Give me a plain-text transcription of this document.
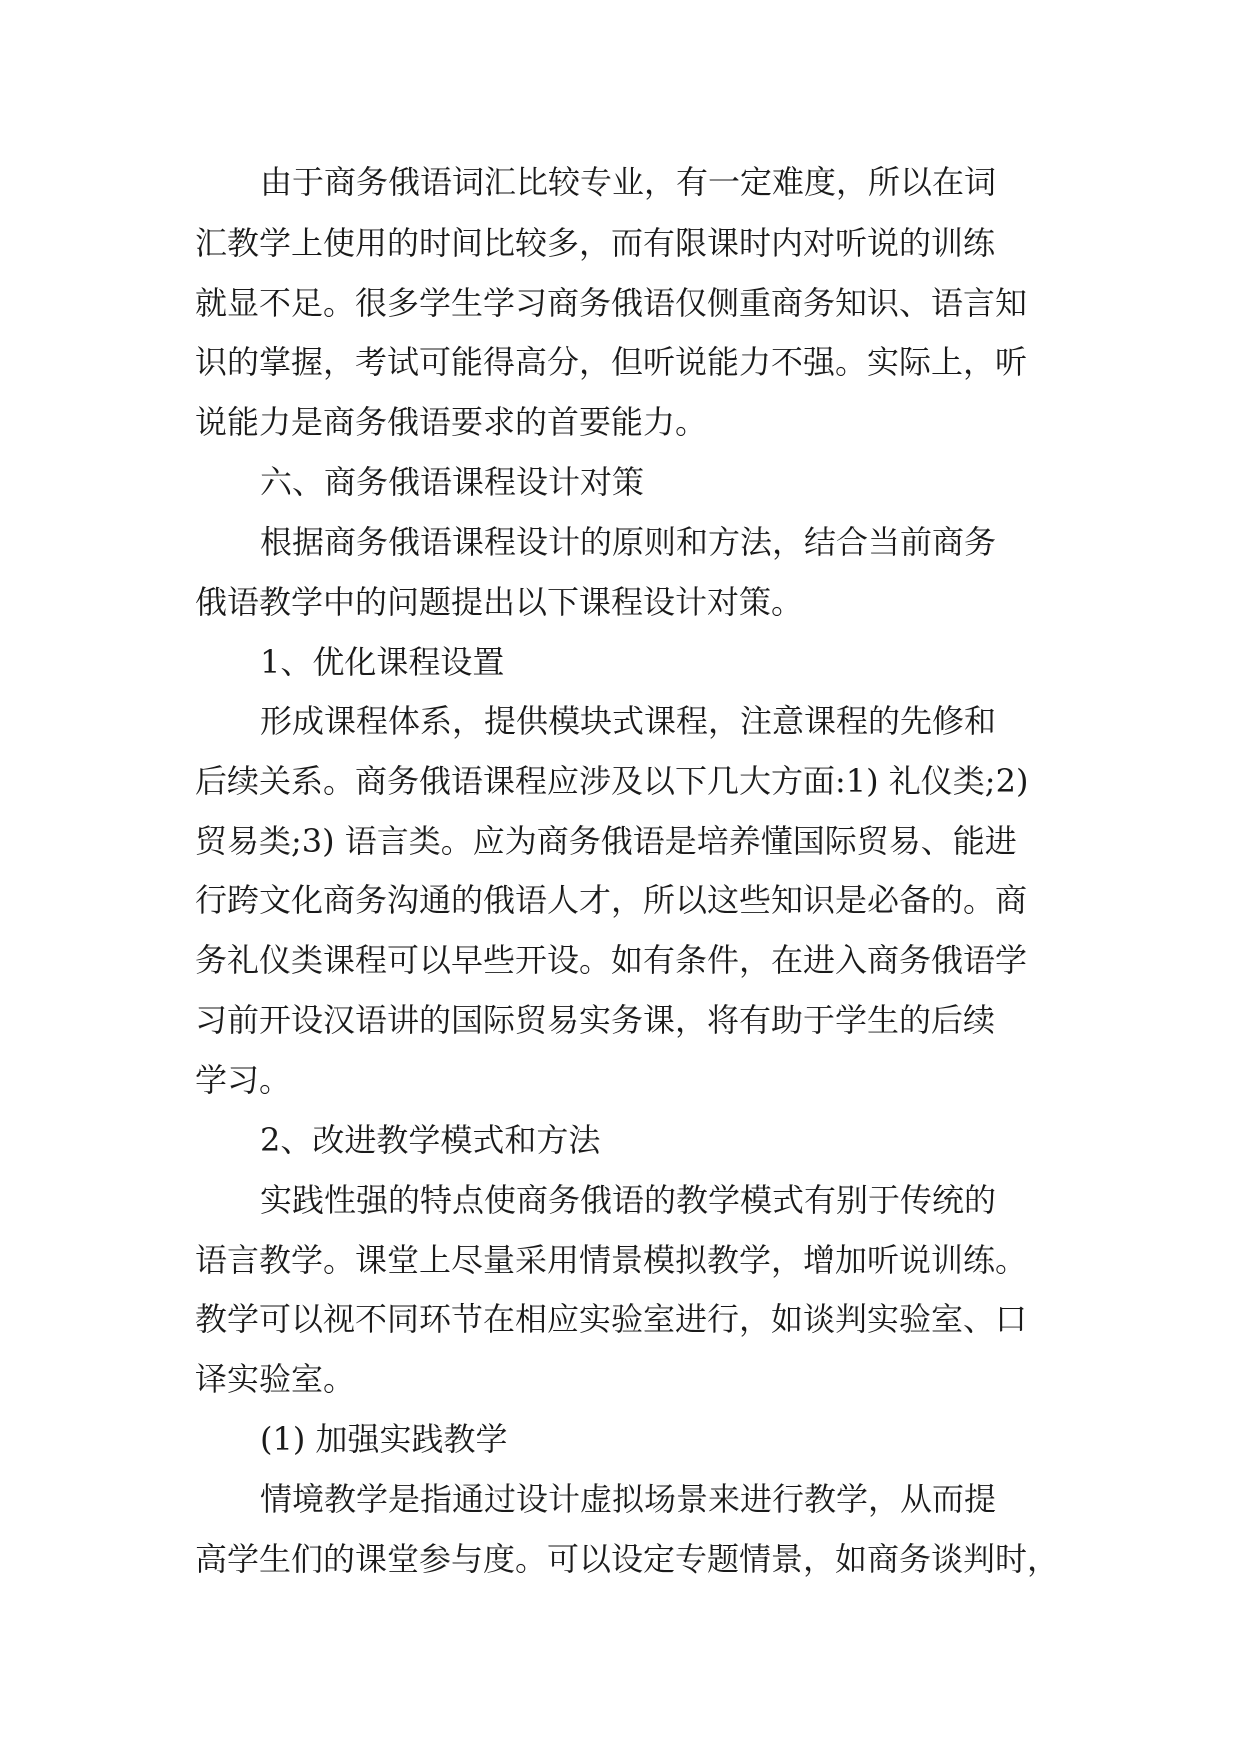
由于商务俄语词汇比较专业，有一定难度，所以在词
汇教学上使用的时间比较多，而有限课时内对听说的训练
就显不足。很多学生学习商务俄语仅侧重商务知识、语言知
识的掌握，考试可能得高分，但听说能力不强。实际上，听
说能力是商务俄语要求的首要能力。
六、商务俄语课程设计对策
根据商务俄语课程设计的原则和方法，结合当前商务
俄语教学中的问题提出以下课程设计对策。
1、优化课程设置
形成课程体系，提供模块式课程，注意课程的先修和
后续关系。商务俄语课程应涉及以下几大方面:1) 礼仪类;2)
贸易类;3) 语言类。应为商务俄语是培养懂国际贸易、能进
行跨文化商务沟通的俄语人才，所以这些知识是必备的。商
务礼仪类课程可以早些开设。如有条件，在进入商务俄语学
习前开设汉语讲的国际贸易实务课，将有助于学生的后续
学习。
2、改进教学模式和方法
实践性强的特点使商务俄语的教学模式有别于传统的
语言教学。课堂上尽量采用情景模拟教学，增加听说训练。
教学可以视不同环节在相应实验室进行，如谈判实验室、口
译实验室。
(1) 加强实践教学
情境教学是指通过设计虚拟场景来进行教学，从而提
高学生们的课堂参与度。可以设定专题情景，如商务谈判时，
